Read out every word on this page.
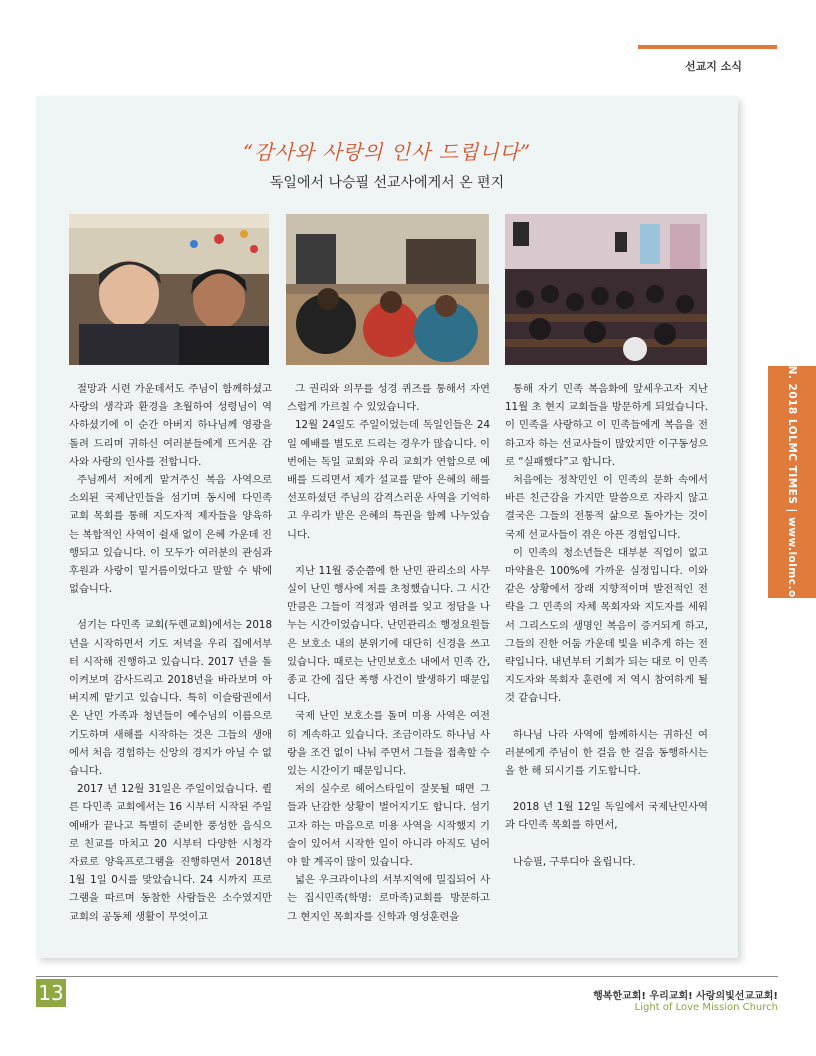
선교지 소식
“감사와 사랑의 인사 드립니다”
독일에서 나승필 선교사에게서 온 편지

절망과 시련 가운데서도 주님이 함께하셨고 사랑의 생각과 환경을 초월하여 성령님이 역사하셨기에 이 순간 아버지 하나님께 영광을 돌려 드리며 귀하신 여러분들에게 뜨거운 감사와 사랑의 인사를 전합니다.

주님께서 저에게 맡겨주신 복음 사역으로 소외된 국제난민들을 섬기며 동시에 다민족 교회 목회를 통해 지도자적 제자들을 양육하는 복합적인 사역이 쉴새 없이 은혜 가운데 진행되고 있습니다. 이 모두가 여러분의 관심과 후원과 사랑이 밑거름이었다고 말할 수 밖에 없습니다.

섬기는 다민족 교회(두렌교회)에서는 2018 년을 시작하면서 기도 저녁을 우리 집에서부터 시작해 진행하고 있습니다. 2017 년을 돌이켜보며 감사드리고 2018년을 바라보며 아버지께 맡기고 있습니다. 특히 이슬람권에서 온 난민 가족과 청년들이 예수님의 이름으로 기도하며 새해를 시작하는 것은 그들의 생애에서 처음 경험하는 신앙의 경지가 아닐 수 없습니다.

2017 년 12월 31일은 주일이었습니다. 퀼른 다민족 교회에서는 16 시부터 시작된 주일 예배가 끝나고 특별히 준비한 풍성한 음식으로 친교를 마치고 20 시부터 다양한 시청각 자료로 양육프로그램을 진행하면서 2018년 1월 1일 0시를 맞았습니다. 24 시까지 프로그램을 따르며 동참한 사람들은 소수였지만 교회의 공동체 생활이 무엇이고

그 권리와 의무를 성경 퀴즈를 통해서 자연스럽게 가르칠 수 있었습니다.

12월 24일도 주일이었는데 독일인들은 24일 예배를 별도로 드리는 경우가 많습니다. 이번에는 독일 교회와 우리 교회가 연합으로 예배를 드리면서 제가 설교를 맡아 은혜의 해를 선포하셨던 주님의 감격스러운 사역을 기억하고 우리가 받은 은혜의 특권을 함께 나누었습니다.

지난 11월 중순쯤에 한 난민 관리소의 사무실이 난민 행사에 저를 초청했습니다. 그 시간 만큼은 그들이 걱정과 염려를 잊고 정담을 나누는 시간이었습니다. 난민관리소 행정요원들은 보호소 내의 분위기에 대단히 신경을 쓰고 있습니다. 때로는 난민보호소 내에서 민족 간, 종교 간에 집단 폭행 사건이 발생하기 때문입니다.

국제 난민 보호소를 돌며 미용 사역은 여전히 계속하고 있습니다. 조금이라도 하나님 사랑을 조건 없이 나눠 주면서 그들을 접촉할 수 있는 시간이기 때문입니다.

저의 실수로 헤어스타일이 잘못될 때면 그들과 난감한 상황이 벌어지기도 합니다. 섬기고자 하는 마음으로 미용 사역을 시작했지 기술이 있어서 시작한 일이 아니라 아직도 넘어야 할 계곡이 많이 있습니다.

넓은 우크라이나의 서부지역에 밀집되어 사는 집시민족(학명: 로마족)교회를 방문하고 그 현지인 목회자를 신학과 영성훈련을

통해 자기 민족 복음화에 앞세우고자 지난 11월 초 현지 교회들을 방문하게 되었습니다. 이 민족을 사랑하고 이 민족들에게 복음을 전하고자 하는 선교사들이 많았지만 이구동성으로 “실패했다”고 합니다.

처음에는 정착민인 이 민족의 문화 속에서 바른 친근감을 가지만 말씀으로 자라지 않고 결국은 그들의 전통적 삶으로 돌아가는 것이 국제 선교사들이 겪은 아픈 경험입니다.

이 민족의 청소년들은 대부분 직업이 없고 마약율은 100%에 가까운 실정입니다. 이와 같은 상황에서 장래 지향적이며 발전적인 전략을 그 민족의 자체 목회자와 지도자를 세워서 그리스도의 생명인 복음이 증거되게 하고, 그들의 진한 어둠 가운데 빛을 비추게 하는 전략입니다. 내년부터 기회가 되는 대로 이 민족 지도자와 목회자 훈련에 저 역시 참여하게 될 것 같습니다.

하나님 나라 사역에 함께하시는 귀하신 여러분에게 주님이 한 걸음 한 걸음 동행하시는 올 한 해 되시기를 기도합니다.

2018 년 1월 12일 독일에서 국제난민사역과 다민족 목회를 하면서,

나승필, 구루디아 올립니다.

JAN. 2018 LOLMC TIMES | www.lolmc.org
13	행복한교회! 우리교회! 사랑의빛선교교회!
Light of Love Mission Church
